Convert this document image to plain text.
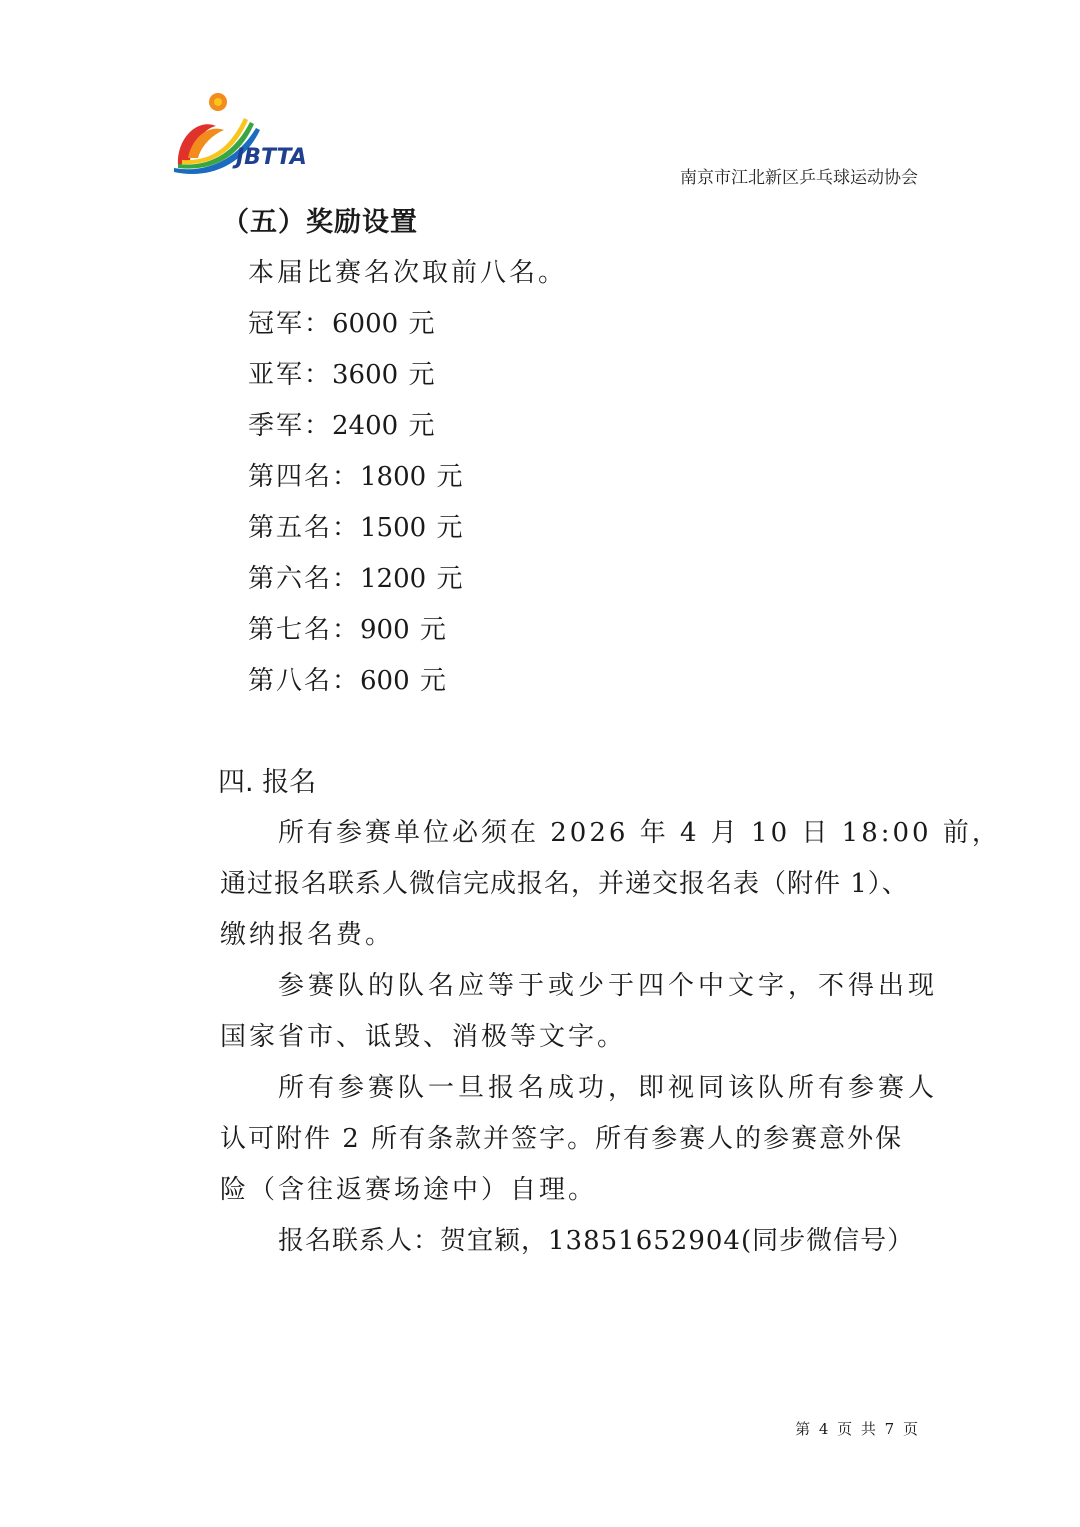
JBTTA
南京市江北新区乒乓球运动协会
（五）奖励设置
本届比赛名次取前八名。
冠军：6000 元
亚军：3600 元
季军：2400 元
第四名：1800 元
第五名：1500 元
第六名：1200 元
第七名：900 元
第八名：600 元
四. 报名
所有参赛单位必须在 2026 年 4 月 10 日 18:00 前，
通过报名联系人微信完成报名，并递交报名表（附件 1）、
缴纳报名费。
参赛队的队名应等于或少于四个中文字，不得出现
国家省市、诋毁、消极等文字。
所有参赛队一旦报名成功，即视同该队所有参赛人
认可附件 2 所有条款并签字。所有参赛人的参赛意外保
险（含往返赛场途中）自理。
报名联系人：贺宜颖，13851652904(同步微信号）
第 4 页 共 7 页
